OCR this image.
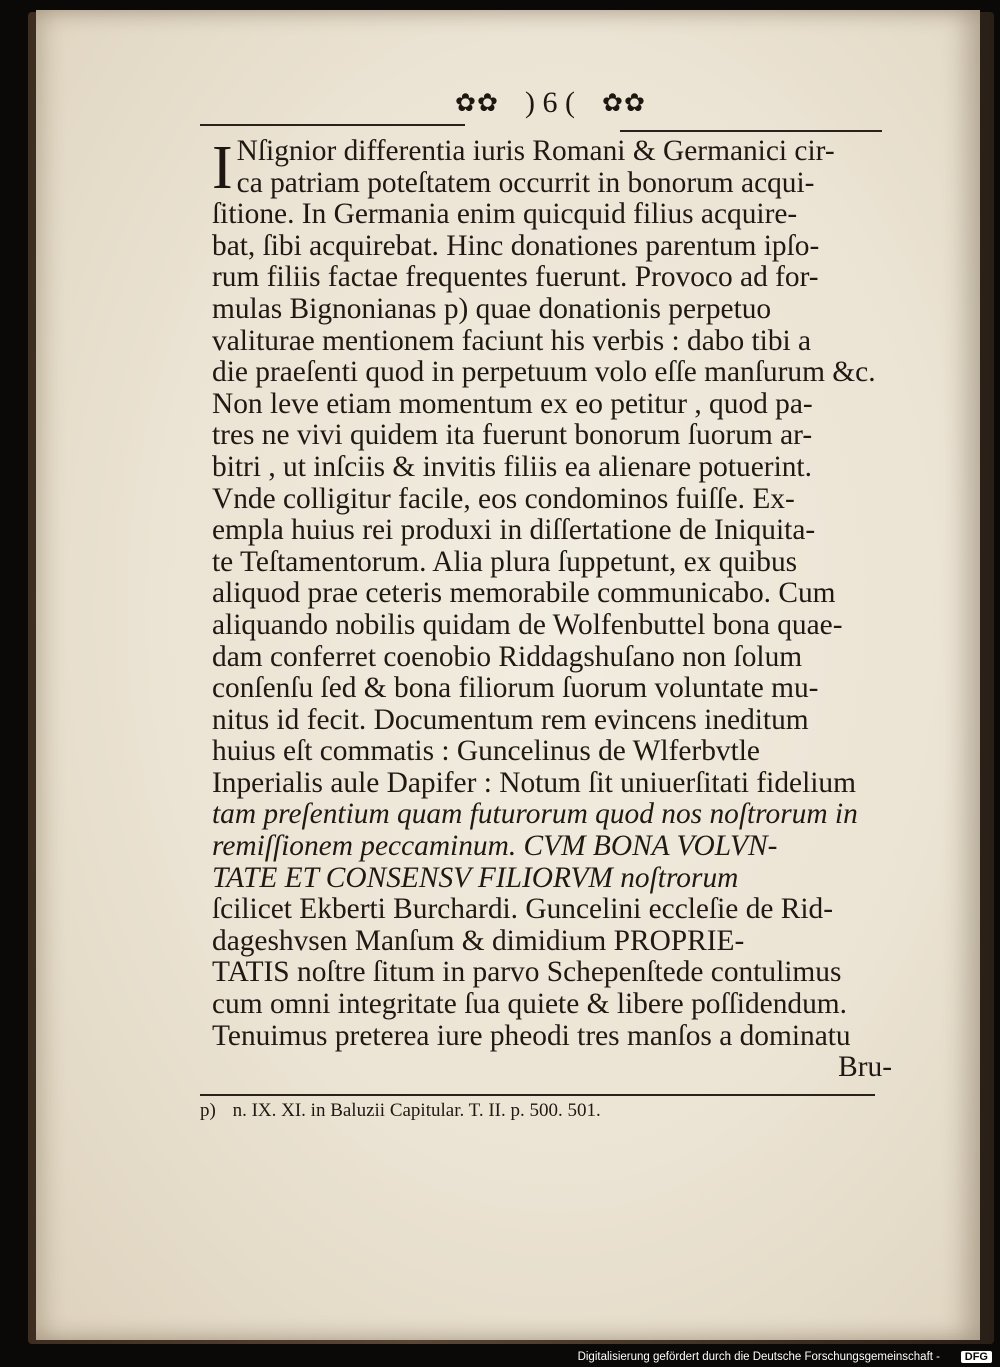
✿✿ ) 6 ( ✿✿
I Nſignior differentia iuris Romani & Germanici cir-
ca patriam poteſtatem occurrit in bonorum acqui-
ſitione. In Germania enim quicquid filius acquire-
bat, ſibi acquirebat. Hinc donationes parentum ipſo-
rum filiis factae frequentes fuerunt. Provoco ad for-
mulas Bignonianas p) quae donationis perpetuo
valiturae mentionem faciunt his verbis : dabo tibi a
die praeſenti quod in perpetuum volo eſſe manſurum &c.
Non leve etiam momentum ex eo petitur , quod pa-
tres ne vivi quidem ita fuerunt bonorum ſuorum ar-
bitri , ut inſciis & invitis filiis ea alienare potuerint.
Vnde colligitur facile, eos condominos fuiſſe. Ex-
empla huius rei produxi in diſſertatione de Iniquita-
te Teſtamentorum. Alia plura ſuppetunt, ex quibus
aliquod prae ceteris memorabile communicabo. Cum
aliquando nobilis quidam de Wolfenbuttel bona quae-
dam conferret coenobio Riddagshuſano non ſolum
conſenſu ſed & bona filiorum ſuorum voluntate mu-
nitus id fecit. Documentum rem evincens ineditum
huius eſt commatis : Guncelinus de Wlferbvtle
Inperialis aule Dapifer : Notum ſit uniuerſitati fidelium
tam preſentium quam futurorum quod nos noſtrorum in
remiſſionem peccaminum. CVM BONA VOLVN-
TATE ET CONSENSV FILIORVM noſtrorum
ſcilicet Ekberti Burchardi. Guncelini eccleſie de Rid-
dageshvsen Manſum & dimidium PROPRIE-
TATIS noſtre ſitum in parvo Schepenſtede contulimus
cum omni integritate ſua quiete & libere poſſidendum.
Tenuimus preterea iure pheodi tres manſos a dominatu
Bru-
p) n. IX. XI. in Baluzii Capitular. T. II. p. 500. 501.
Digitalisierung gefördert durch die Deutsche Forschungsgemeinschaft -	DFG
